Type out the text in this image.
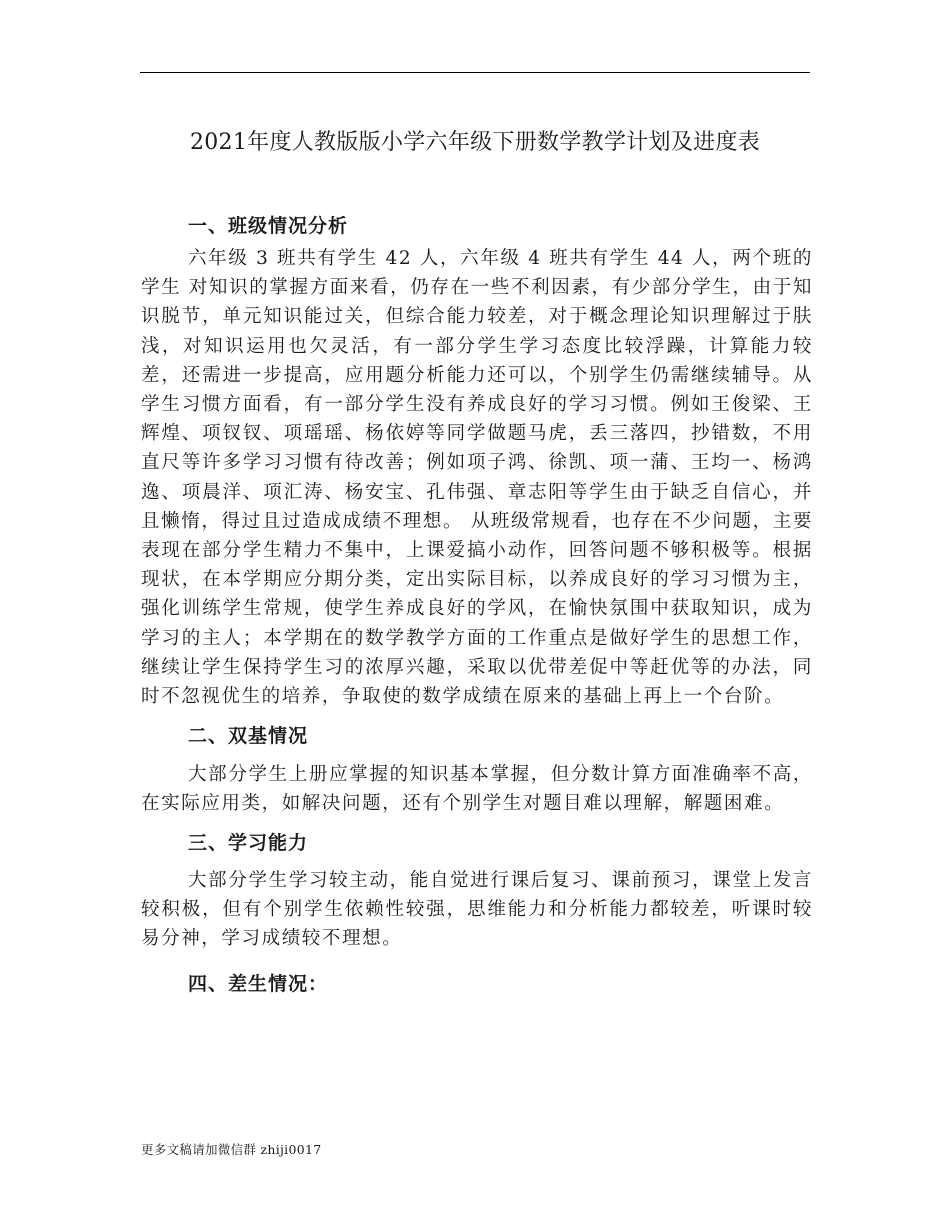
2021年度人教版版小学六年级下册数学教学计划及进度表
一、班级情况分析

六年级 3 班共有学生 42 人，六年级 4 班共有学生 44 人，两个班的学生 对知识的掌握方面来看，仍存在一些不利因素，有少部分学生，由于知识脱节，单元知识能过关，但综合能力较差，对于概念理论知识理解过于肤浅，对知识运用也欠灵活，有一部分学生学习态度比较浮躁，计算能力较差，还需进一步提高，应用题分析能力还可以，个别学生仍需继续辅导。从学生习惯方面看，有一部分学生没有养成良好的学习习惯。例如王俊梁、王辉煌、项钗钗、项瑶瑶、杨依婷等同学做题马虎，丢三落四，抄错数，不用直尺等许多学习习惯有待改善；例如项子鸿、徐凯、项一蒲、王均一、杨鸿逸、项晨洋、项汇涛、杨安宝、孔伟强、章志阳等学生由于缺乏自信心，并且懒惰，得过且过造成成绩不理想。 从班级常规看，也存在不少问题，主要表现在部分学生精力不集中，上课爱搞小动作，回答问题不够积极等。根据现状，在本学期应分期分类，定出实际目标，以养成良好的学习习惯为主，强化训练学生常规，使学生养成良好的学风，在愉快氛围中获取知识，成为学习的主人；本学期在的数学教学方面的工作重点是做好学生的思想工作，继续让学生保持学生习的浓厚兴趣，采取以优带差促中等赶优等的办法，同时不忽视优生的培养，争取使的数学成绩在原来的基础上再上一个台阶。

二、双基情况

大部分学生上册应掌握的知识基本掌握，但分数计算方面准确率不高，在实际应用类，如解决问题，还有个别学生对题目难以理解，解题困难。

三、学习能力

大部分学生学习较主动，能自觉进行课后复习、课前预习，课堂上发言较积极，但有个别学生依赖性较强，思维能力和分析能力都较差，听课时较易分神，学习成绩较不理想。

四、差生情况：
更多文稿请加微信群 zhiji0017
